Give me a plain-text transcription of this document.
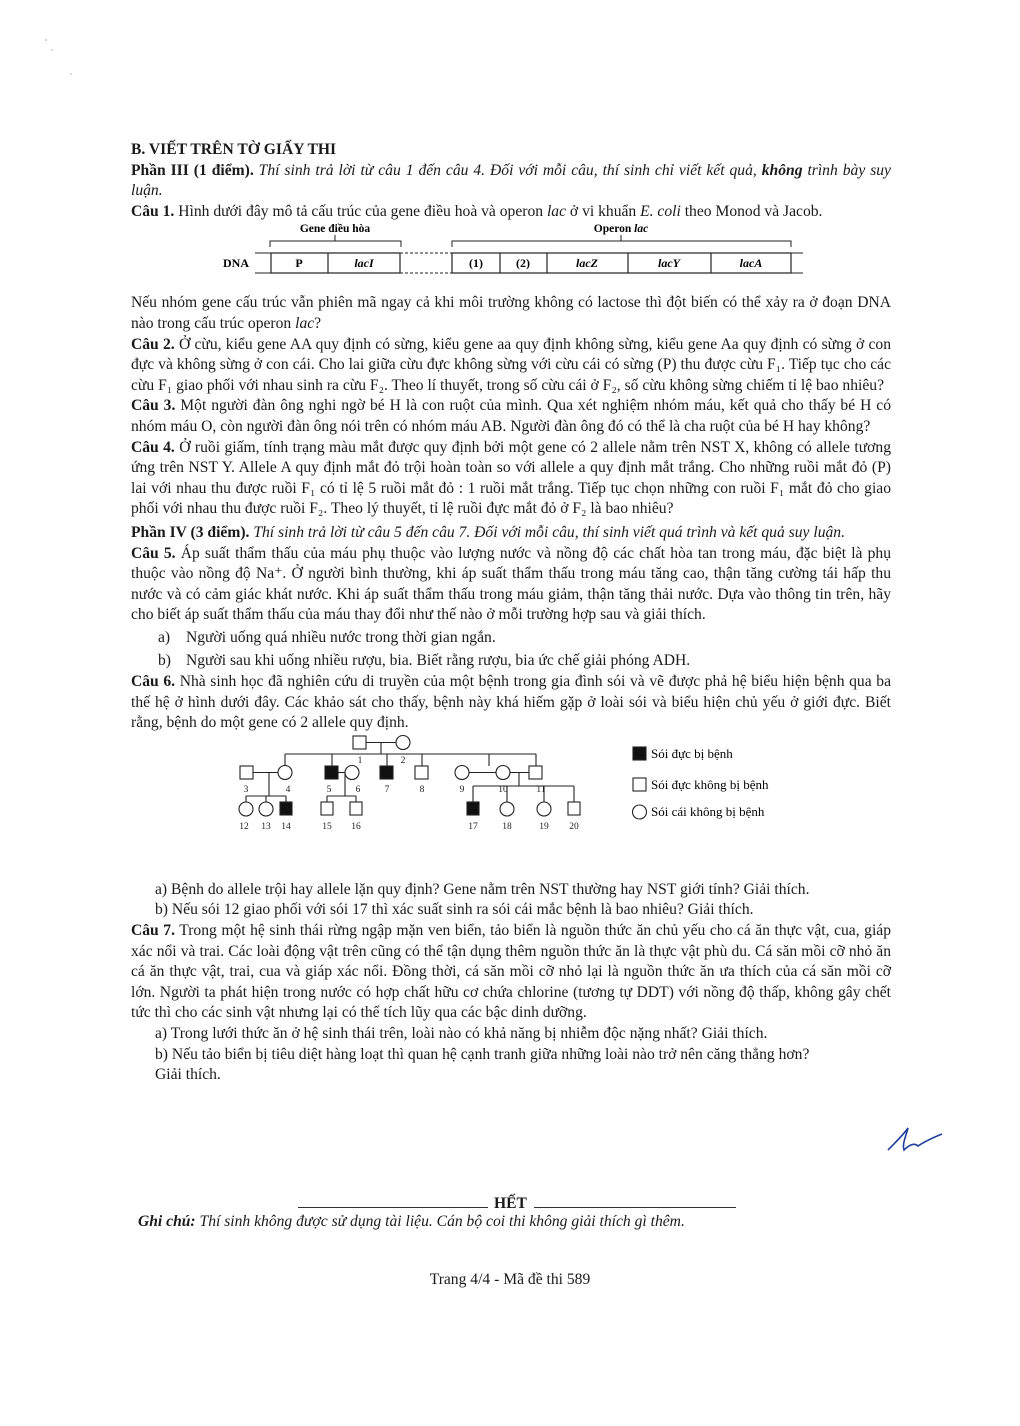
B. VIẾT TRÊN TỜ GIẤY THI

Phần III (1 điểm). Thí sinh trả lời từ câu 1 đến câu 4. Đối với mỗi câu, thí sinh chỉ viết kết quả, không trình bày suy luận.

Câu 1. Hình dưới đây mô tả cấu trúc của gene điều hoà và operon lac ở vi khuẩn E. coli theo Monod và Jacob.

Gene điều hòa	Operon lac
DNA	P	lacI	(1)	(2)	lacZ	lacY	lacA

Nếu nhóm gene cấu trúc vẫn phiên mã ngay cả khi môi trường không có lactose thì đột biến có thể xảy ra ở đoạn DNA nào trong cấu trúc operon lac?

Câu 2. Ở cừu, kiểu gene AA quy định có sừng, kiểu gene aa quy định không sừng, kiểu gene Aa quy định có sừng ở con đực và không sừng ở con cái. Cho lai giữa cừu đực không sừng với cừu cái có sừng (P) thu được cừu F₁. Tiếp tục cho các cừu F₁ giao phối với nhau sinh ra cừu F₂. Theo lí thuyết, trong số cừu cái ở F₂, số cừu không sừng chiếm tỉ lệ bao nhiêu?

Câu 3. Một người đàn ông nghi ngờ bé H là con ruột của mình. Qua xét nghiệm nhóm máu, kết quả cho thấy bé H có nhóm máu O, còn người đàn ông nói trên có nhóm máu AB. Người đàn ông đó có thể là cha ruột của bé H hay không?

Câu 4. Ở ruồi giấm, tính trạng màu mắt được quy định bởi một gene có 2 allele nằm trên NST X, không có allele tương ứng trên NST Y. Allele A quy định mắt đỏ trội hoàn toàn so với allele a quy định mắt trắng. Cho những ruồi mắt đỏ (P) lai với nhau thu được ruồi F₁ có tỉ lệ 5 ruồi mắt đỏ : 1 ruồi mắt trắng. Tiếp tục chọn những con ruồi F₁ mắt đỏ cho giao phối với nhau thu được ruồi F₂. Theo lý thuyết, tỉ lệ ruồi đực mắt đỏ ở F₂ là bao nhiêu?

Phần IV (3 điểm). Thí sinh trả lời từ câu 5 đến câu 7. Đối với mỗi câu, thí sinh viết quá trình và kết quả suy luận.

Câu 5. Áp suất thẩm thấu của máu phụ thuộc vào lượng nước và nồng độ các chất hòa tan trong máu, đặc biệt là phụ thuộc vào nồng độ Na⁺. Ở người bình thường, khi áp suất thẩm thấu trong máu tăng cao, thận tăng cường tái hấp thu nước và có cảm giác khát nước. Khi áp suất thẩm thấu trong máu giảm, thận tăng thải nước. Dựa vào thông tin trên, hãy cho biết áp suất thẩm thấu của máu thay đổi như thế nào ở mỗi trường hợp sau và giải thích.

a) Người uống quá nhiều nước trong thời gian ngắn.

b) Người sau khi uống nhiều rượu, bia. Biết rằng rượu, bia ức chế giải phóng ADH.

Câu 6. Nhà sinh học đã nghiên cứu di truyền của một bệnh trong gia đình sói và vẽ được phả hệ biểu hiện bệnh qua ba thế hệ ở hình dưới đây. Các khảo sát cho thấy, bệnh này khá hiếm gặp ở loài sói và biểu hiện chủ yếu ở giới đực. Biết rằng, bệnh do một gene có 2 allele quy định.

1	2
3	4	5	6	7	8	9	10	11
12 13 14	15 16	17	18	19 20
Sói đực bị bệnh
Sói đực không bị bệnh
Sói cái không bị bệnh

a) Bệnh do allele trội hay allele lặn quy định? Gene nằm trên NST thường hay NST giới tính? Giải thích.

b) Nếu sói 12 giao phối với sói 17 thì xác suất sinh ra sói cái mắc bệnh là bao nhiêu? Giải thích.

Câu 7. Trong một hệ sinh thái rừng ngập mặn ven biển, tảo biển là nguồn thức ăn chủ yếu cho cá ăn thực vật, cua, giáp xác nổi và trai. Các loài động vật trên cũng có thể tận dụng thêm nguồn thức ăn là thực vật phù du. Cá săn mồi cỡ nhỏ ăn cá ăn thực vật, trai, cua và giáp xác nổi. Đồng thời, cá săn mồi cỡ nhỏ lại là nguồn thức ăn ưa thích của cá săn mồi cỡ lớn. Người ta phát hiện trong nước có hợp chất hữu cơ chứa chlorine (tương tự DDT) với nồng độ thấp, không gây chết tức thì cho các sinh vật nhưng lại có thể tích lũy qua các bậc dinh dưỡng.

a) Trong lưới thức ăn ở hệ sinh thái trên, loài nào có khả năng bị nhiễm độc nặng nhất? Giải thích.

b) Nếu tảo biển bị tiêu diệt hàng loạt thì quan hệ cạnh tranh giữa những loài nào trở nên căng thẳng hơn?

Giải thích.

HẾT
Ghi chú: Thí sinh không được sử dụng tài liệu. Cán bộ coi thi không giải thích gì thêm.
Trang 4/4 - Mã đề thi 589
